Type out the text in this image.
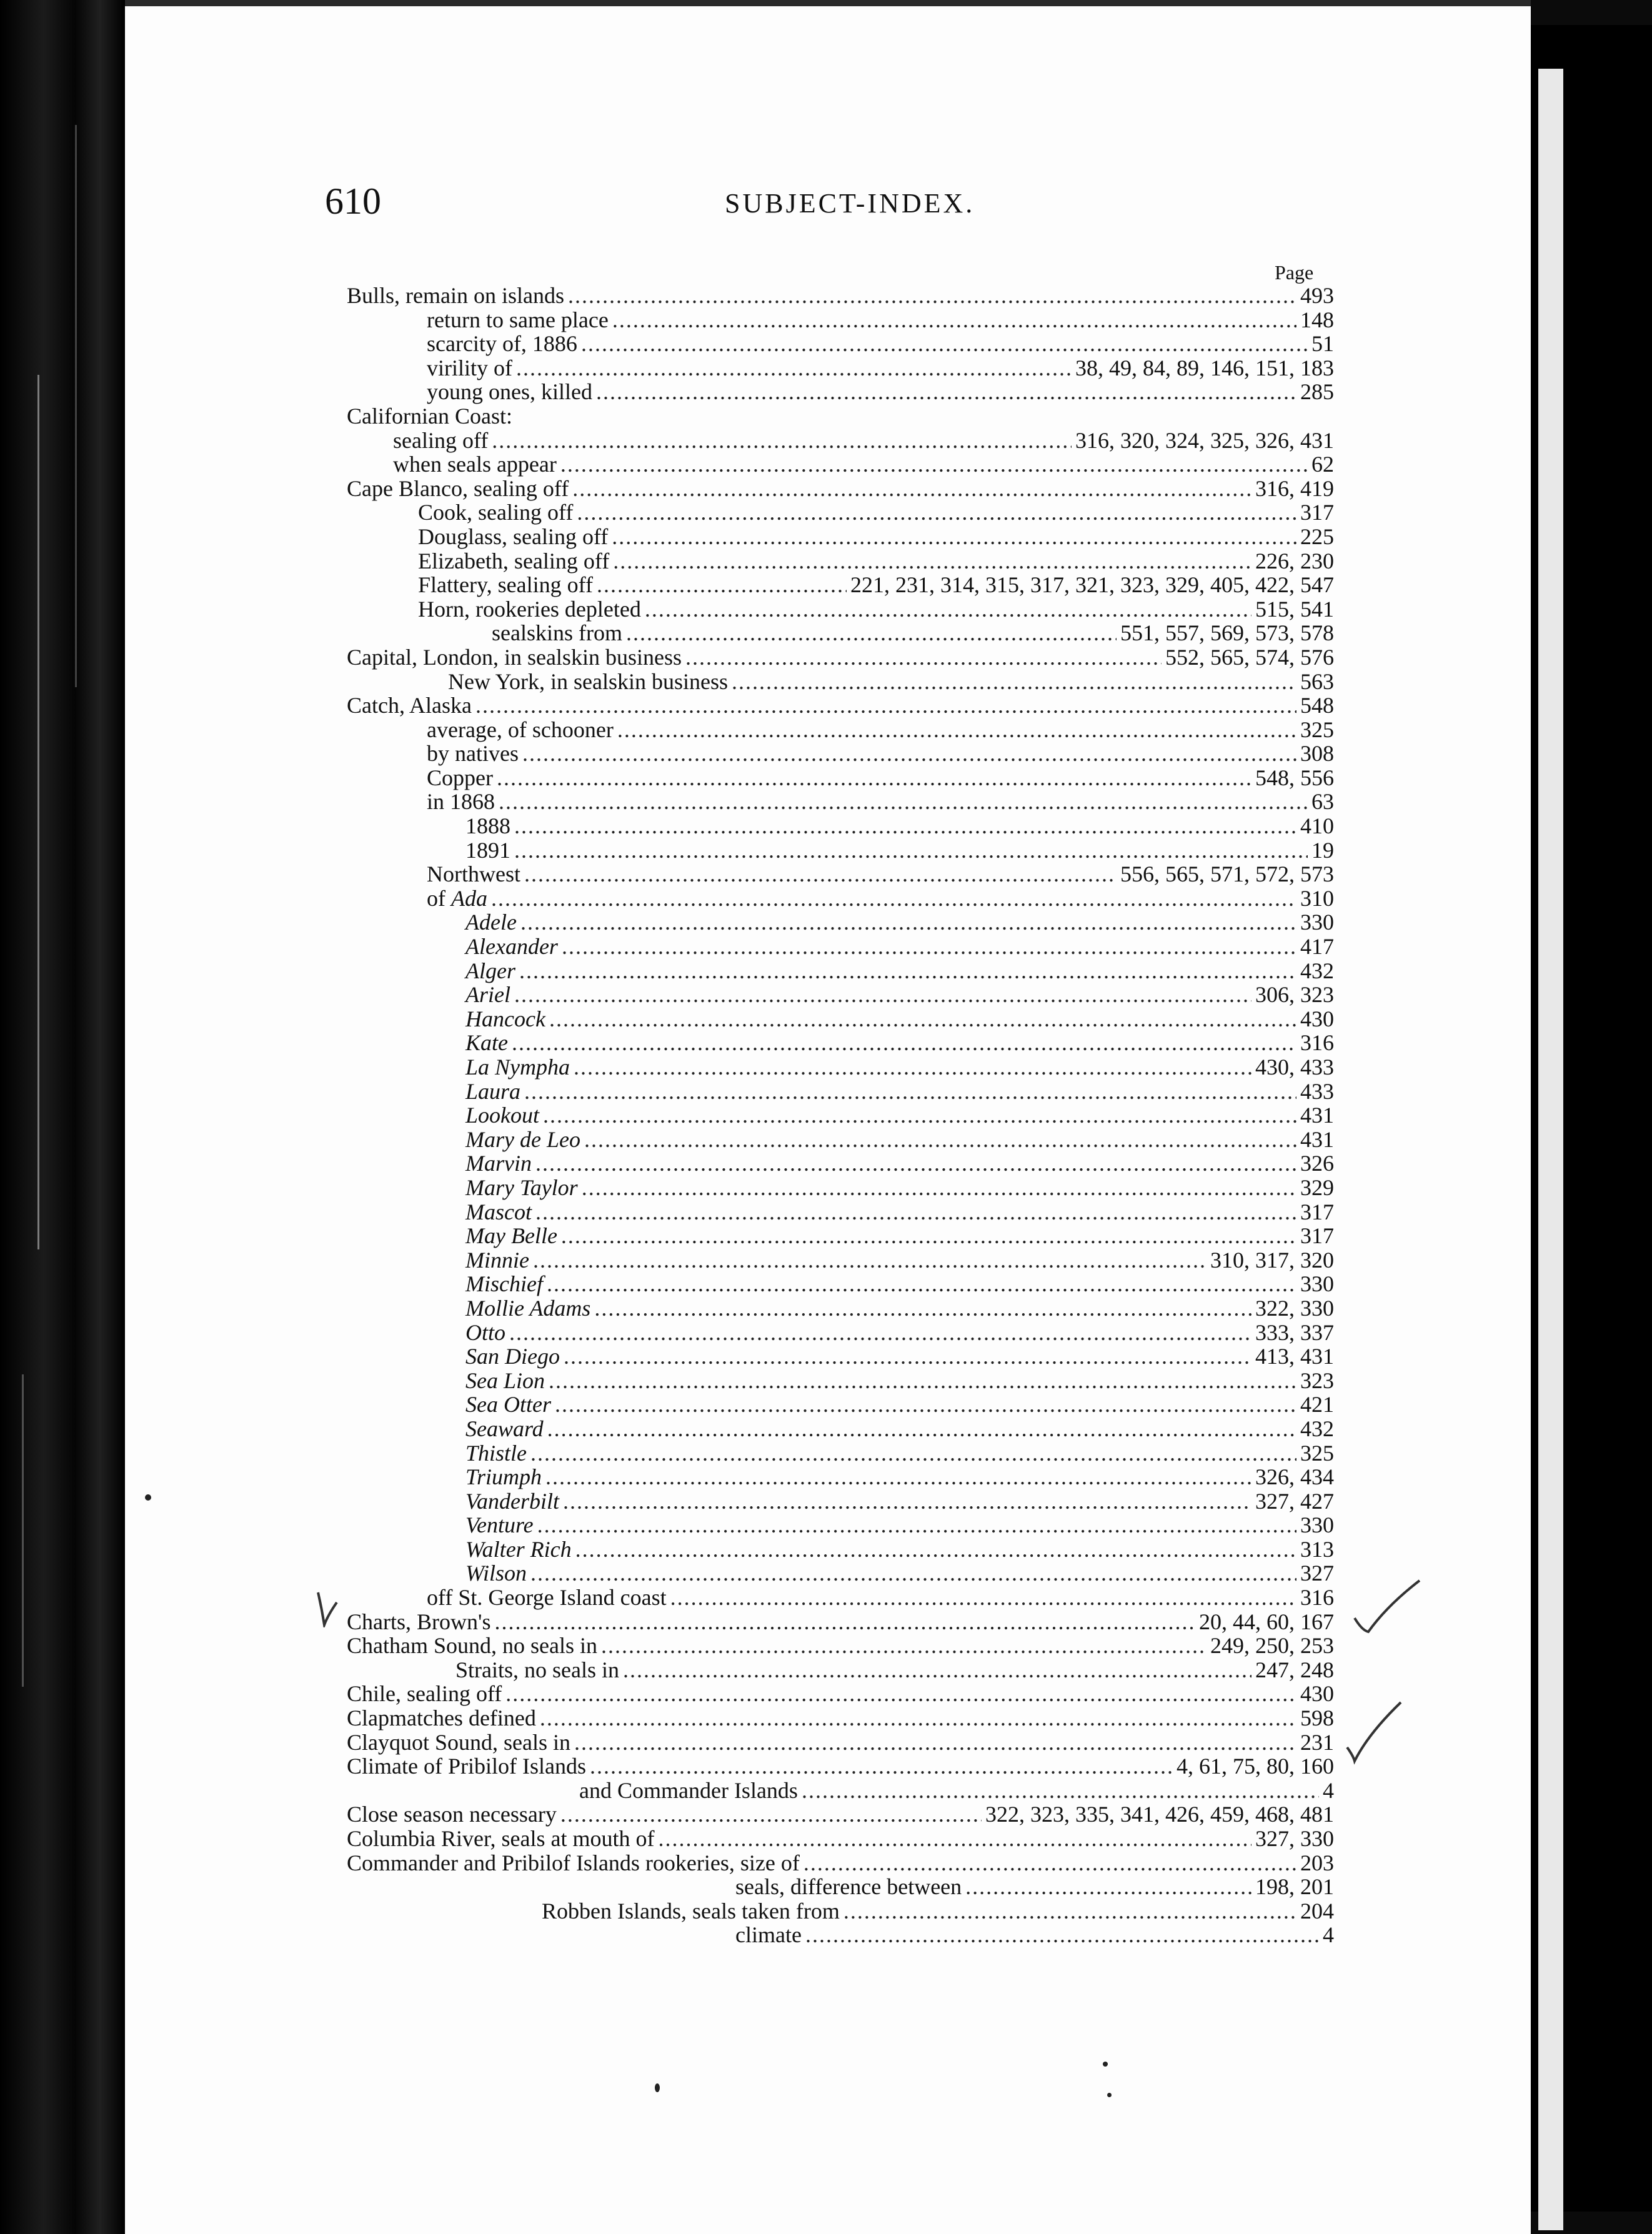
610	SUBJECT-INDEX.
Page
Bulls, remain on islands .....	493
return to same place .....	148
scarcity of, 1886 .....	51
virility of .....	38, 49, 84, 89, 146, 151, 183
young ones, killed .....	285
Californian Coast:
sealing off .....	316, 320, 324, 325, 326, 431
when seals appear .....	62
Cape Blanco, sealing off .....	316, 419
Cook, sealing off .....	317
Douglass, sealing off .....	225
Elizabeth, sealing off .....	226, 230
Flattery, sealing off .....	221, 231, 314, 315, 317, 321, 323, 329, 405, 422, 547
Horn, rookeries depleted .....	515, 541
sealskins from .....	551, 557, 569, 573, 578
Capital, London, in sealskin business .....	552, 565, 574, 576
New York, in sealskin business .....	563
Catch, Alaska .....	548
average, of schooner .....	325
by natives .....	308
Copper .....	548, 556
in 1868 .....	63
1888 .....	410
1891 .....	19
Northwest .....	556, 565, 571, 572, 573
of Ada .....	310
Adele .....	330
Alexander .....	417
Alger .....	432
Ariel .....	306, 323
Hancock .....	430
Kate .....	316
La Nympha .....	430, 433
Laura .....	433
Lookout .....	431
Mary de Leo .....	431
Marvin .....	326
Mary Taylor .....	329
Mascot .....	317
May Belle .....	317
Minnie .....	310, 317, 320
Mischief .....	330
Mollie Adams .....	322, 330
Otto .....	333, 337
San Diego .....	413, 431
Sea Lion .....	323
Sea Otter .....	421
Seaward .....	432
Thistle .....	325
Triumph .....	326, 434
Vanderbilt .....	327, 427
Venture .....	330
Walter Rich .....	313
Wilson .....	327
off St. George Island coast .....	316
Charts, Brown's .....	20, 44, 60, 167
Chatham Sound, no seals in .....	249, 250, 253
Straits, no seals in .....	247, 248
Chile, sealing off .....	430
Clapmatches defined .....	598
Clayquot Sound, seals in .....	231
Climate of Pribilof Islands .....	4, 61, 75, 80, 160
and Commander Islands .....	4
Close season necessary .....	322, 323, 335, 341, 426, 459, 468, 481
Columbia River, seals at mouth of .....	327, 330
Commander and Pribilof Islands rookeries, size of .....	203
seals, difference between .....	198, 201
Robben Islands, seals taken from .....	204
climate .....	4
